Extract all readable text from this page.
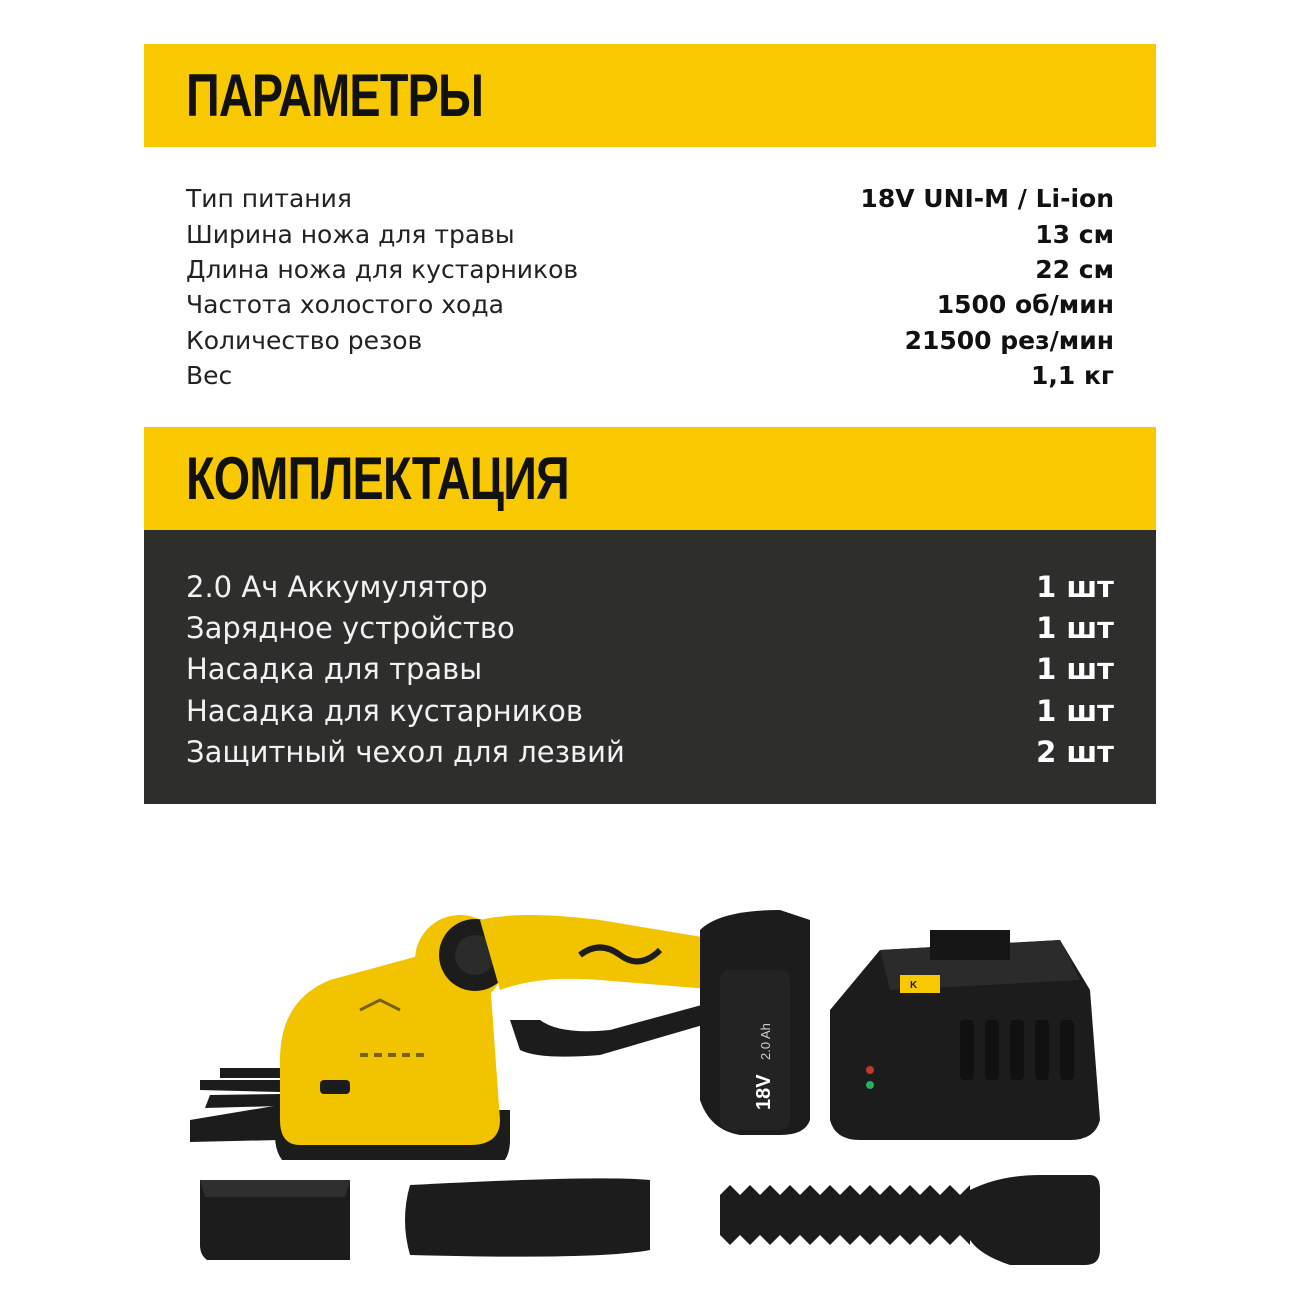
ПАРАМЕТРЫ
Тип питания	18V UNI-M / Li-ion
Ширина ножа для травы	13 см
Длина ножа для кустарников	22 см
Частота холостого хода	1500 об/мин
Количество резов	21500 рез/мин
Вес	1,1 кг
КОМПЛЕКТАЦИЯ
2.0 Ач Аккумулятор	1 шт
Зарядное устройство	1 шт
Насадка для травы	1 шт
Насадка для кустарников	1 шт
Защитный чехол для лезвий	2 шт
18V
2.0 Ah
K
